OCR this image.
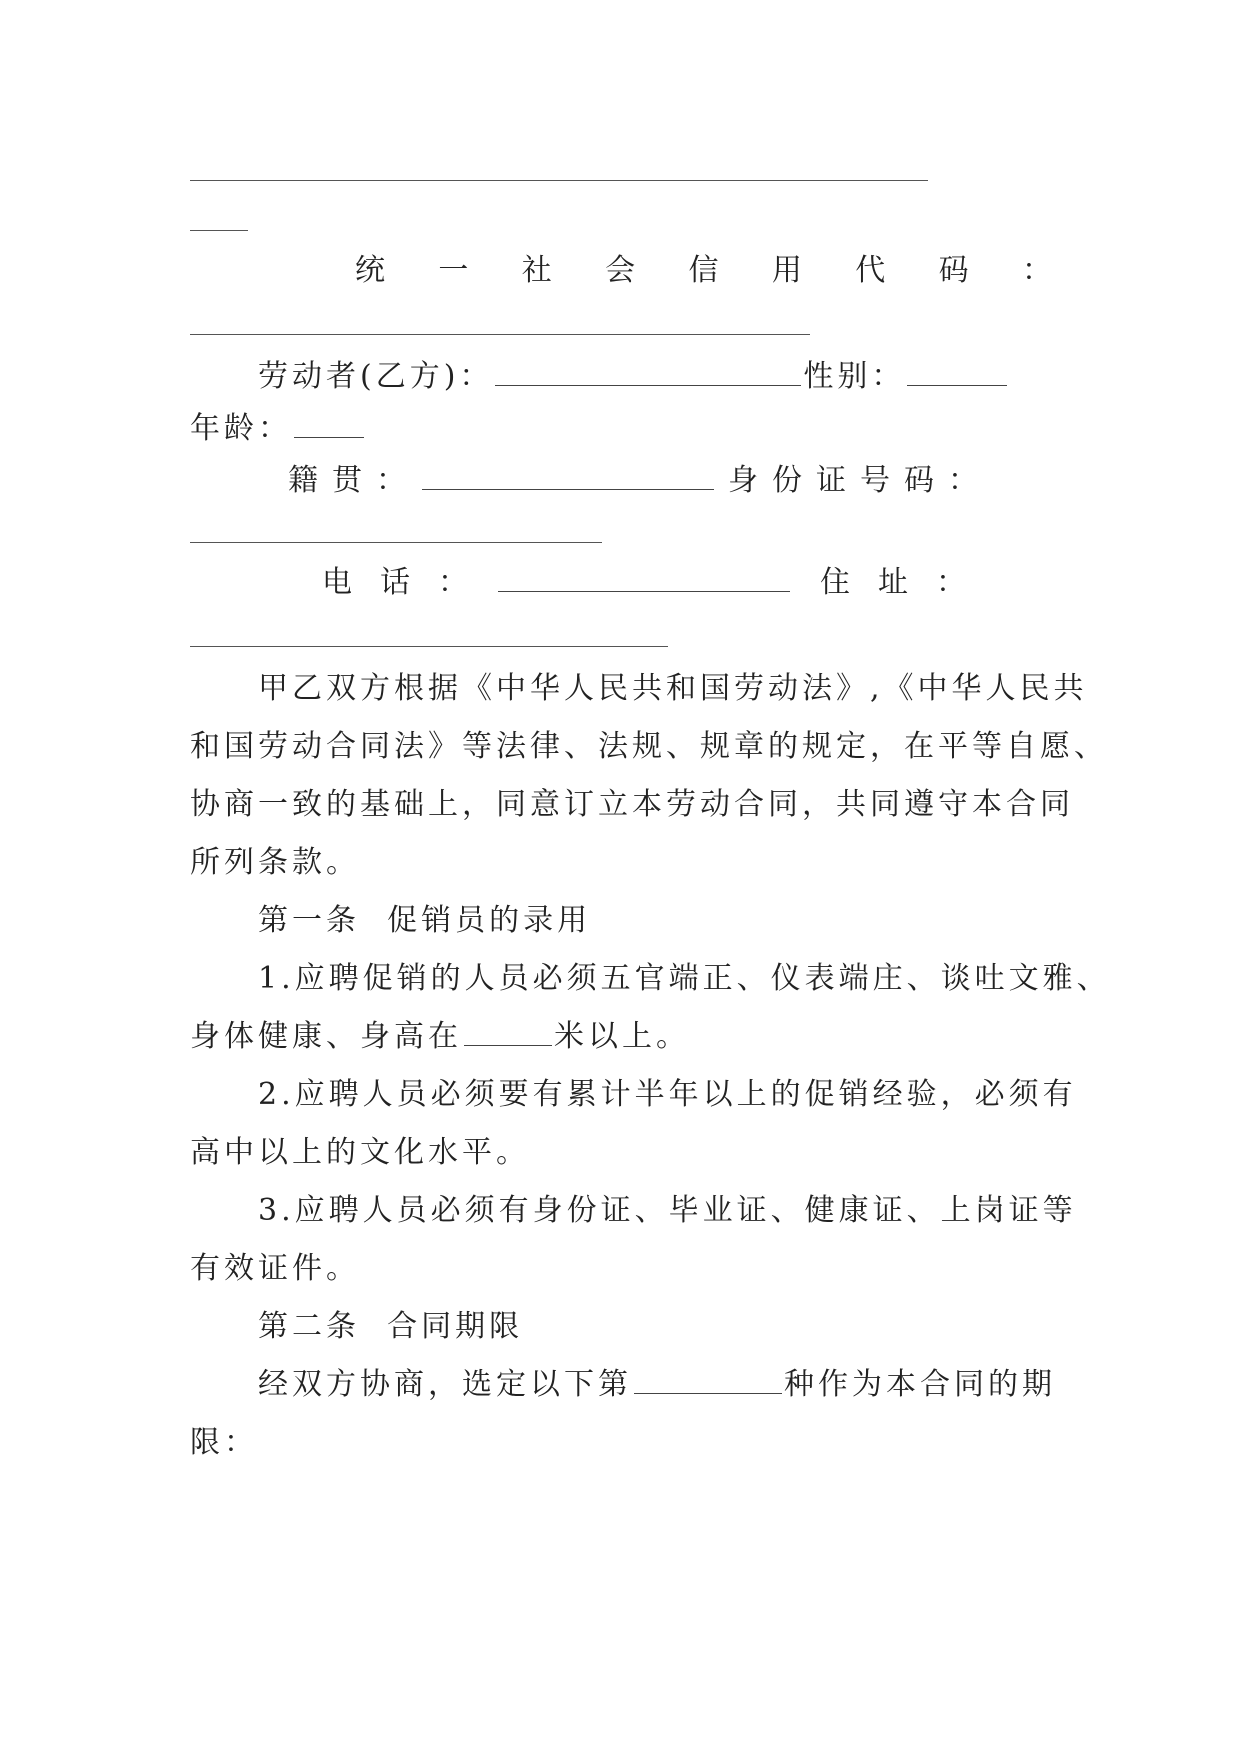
统 一 社 会 信 用 代 码 ：
劳动者(乙方)：	性别：
年龄：
籍贯：	身份证号码：
电话：	住址：
甲乙双方根据《中华人民共和国劳动法》,《中华人民共
和国劳动合同法》等法律、法规、规章的规定，在平等自愿、
协商一致的基础上，同意订立本劳动合同，共同遵守本合同
所列条款。
第一条  促销员的录用
1.应聘促销的人员必须五官端正、仪表端庄、谈吐文雅、
身体健康、身高在	米以上。
2.应聘人员必须要有累计半年以上的促销经验，必须有
高中以上的文化水平。
3.应聘人员必须有身份证、毕业证、健康证、上岗证等
有效证件。
第二条  合同期限
经双方协商，选定以下第	种作为本合同的期
限：
